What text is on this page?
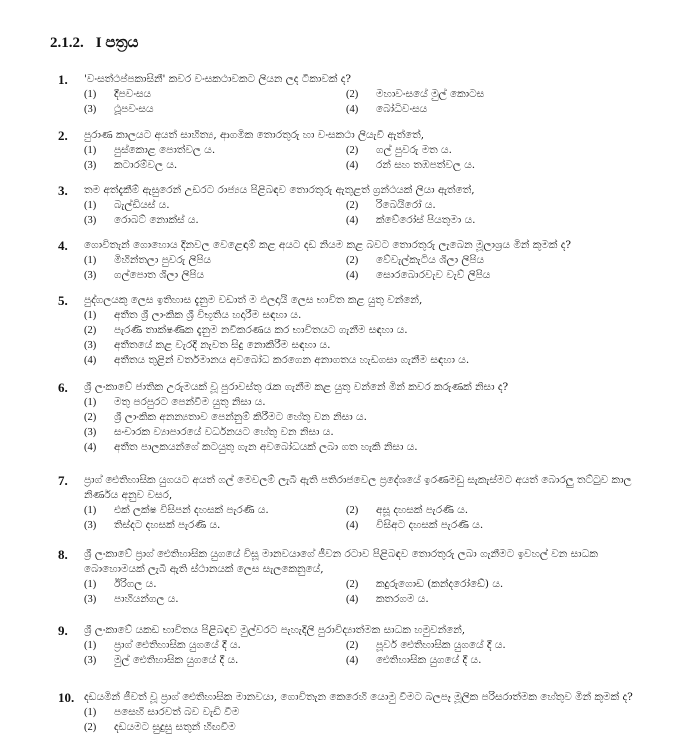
2.1.2. I පත්‍රය
1.	'වංසත්ථප්පකාසිනී' කවර වංසකථාවකට ලියන ලද ටීකාවක් ද?
(1)	දීපවංසය	(2)	මහාවංසයේ මුල් කොටස
(3)	ථූපවංසය	(4)	බෝධිවංසය
2.	පුරාණ කාලයට අයත් සාහිත්‍ය, ආගමික තොරතුරු හා වංසකථා ලියැවී ඇත්තේ,
(1)	පුස්කොළ පොත්වල ය.	(2)	ගල් පුවරු මත ය.
(3)	කටාරම්වල ය.	(4)	රන් සහ තඹපත්වල ය.
3.	තම අත්දැකීම් ඇසුරෙන් උඩරට රාජ්‍යය පිළිබඳව තොරතුරු ඇතුළත් ග්‍රන්ථයක් ලියා ඇත්තේ,
(1)	බැල්ඩියස් ය.	(2)	රිබෙයිරෝ ය.
(3)	රොබට් නොක්ස් ය.	(4)	ක්වේරෝස් පියතුමා ය.
4.	ගොවිතැන් ගොහොය දිනවල වෙළෙඳාම් කළ අයට දඩ නියම කළ බවට තොරතුරු ලැබෙන මූලාශ්‍රය මින් කුමක් ද?
(1)	මිහින්තලා පුවරු ලිපිය	(2)	වේවැල්කැටිය ශිලා ලිපිය
(3)	ගල්පොත ශිලා ලිපිය	(4)	සොරබොරවැව වැව් ලිපිය
5.	පුද්ගලයකු ලෙස ඉතිහාස දැනුම වඩාත් ම ඵලදායි ලෙස භාවිත කළ යුතු වන්නේ,
(1)	අතීත ශ්‍රී ලාංකික ශ්‍රී විභූතිය හදාරීම සඳහා ය.
(2)	පැරණි තාක්ෂණික දැනුම නවීකරණය කර භාවිතයට ගැනීම සඳහා ය.
(3)	අතීතයේ කළ වැරදි නැවත සිදු නොකිරීම සඳහා ය.
(4)	අතීතය තුළින් වර්තමානය අවබෝධ කරගෙන අනාගතය හැඩගසා ගැනීම සඳහා ය.
6.	ශ්‍රී ලංකාවේ ජාතික උරුමයක් වූ පුරාවස්තු රැක ගැනීම කළ යුතු වන්නේ මින් කවර කරුණක් නිසා ද?
(1)	මතු පරපුරට පෙන්වීම යුතු නිසා ය.
(2)	ශ්‍රී ලාංකික අනන්‍යතාව පෙන්නුම් කිරීමට හේතු වන නිසා ය.
(3)	සංචාරක ව්‍යාපාරයේ වර්ධනයට හේතු වන නිසා ය.
(4)	අතීත පාලකයන්ගේ කටයුතු ගැන අවබෝධයක් ලබා ගත හැකි නිසා ය.
7.	ප්‍රාග් ඓතිහාසික යුගයට අයත් ගල් මෙවලම් ලැබී ඇති පතිරාජවෙල ප්‍රදේශයේ ඉරණමඩු සැකැස්මට අයත් බොරලු තට්ටුව කාල නිර්ණය අනුව වසර,
(1)	එක් ලක්ෂ විසිපන් දහසක් පැරණි ය.	(2)	අසූ දහසක් පැරණි ය.
(3)	තිස්දට දහසක් පැරණි ය.	(4)	විසිඅට දහසක් පැරණි ය.
8.	ශ්‍රී ලංකාවේ ප්‍රාග් ඓතිහාසික යුගයේ විසූ මානවයාගේ ජීවන රටාව පිළිබඳව තොරතුරු ලබා ගැනීමට ඉවහල් වන සාධක බොහොමයක් ලැබී ඇති ස්ථානයක් ලෙස සැලකෙනුයේ,
(1)	ඊරිගල ය.	(2)	කදුරුගොඩ (කන්දරෝඩේ) ය.
(3)	පාහියන්ගල ය.	(4)	කතරගම ය.
9.	ශ්‍රී ලංකාවේ යකඩ භාවිතය පිළිබඳව මුල්වරට පැහැදිලි පුරාවිද්‍යාත්මක සාධක හමුවන්නේ,
(1)	ප්‍රාග් ඓතිහාසික යුගයේ දී ය.	(2)	පූර්ව ඓතිහාසික යුගයේ දී ය.
(3)	මුල් ඓතිහාසික යුගයේ දී ය.	(4)	ඓතිහාසික යුගයේ දී ය.
10. දඩයමින් ජීවත් වූ ප්‍රාග් ඓතිහාසික මානවයා, ගොවිතැන කෙරෙහි යොමු වීමට බලපෑ මූලික පරිසරාත්මක හේතුව මින් කුමක් ද?
(1)	පසෙහි සාරවත් බව වැඩි වීම
(2)	දඩයමට සුදුසු සතුන් හිඟවීම
